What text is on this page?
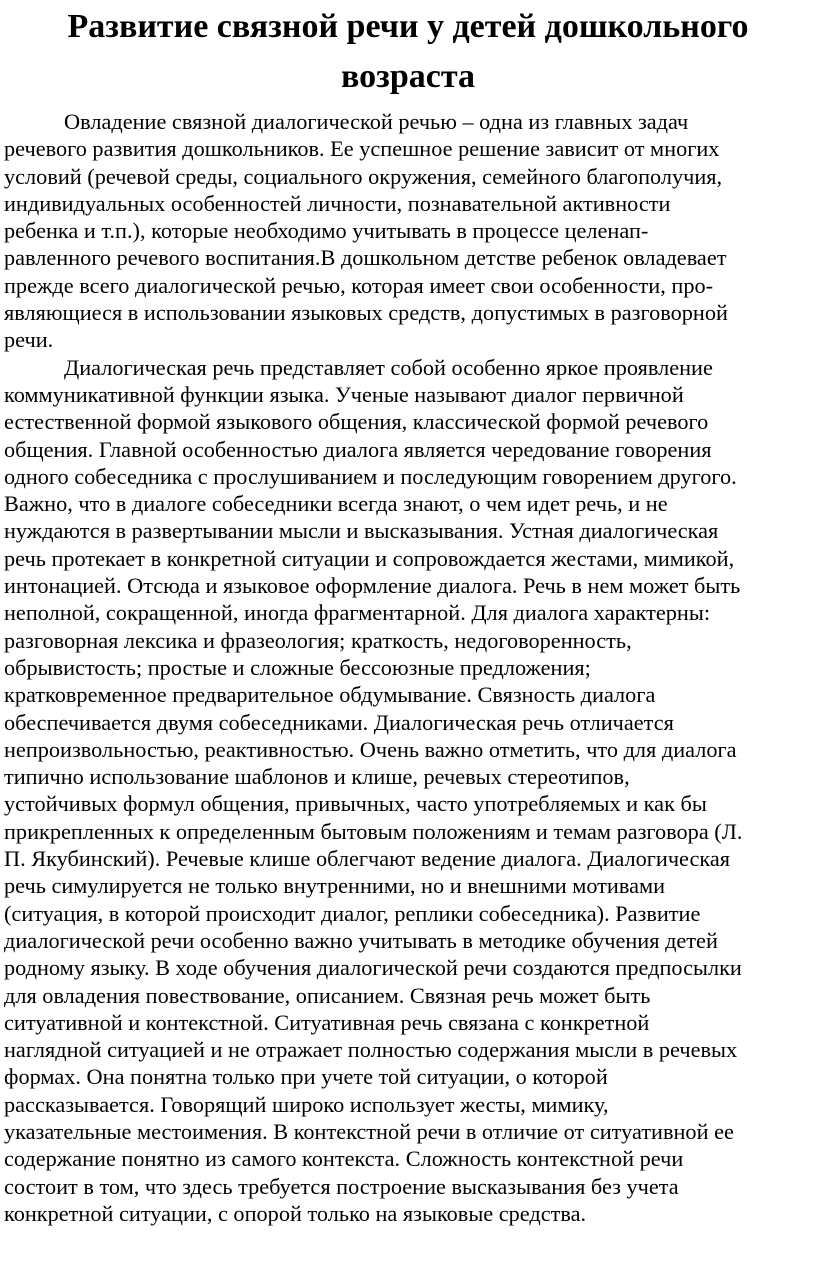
Развитие связной речи у детей дошкольного
возраста
Овладение связной диалогической речью – одна из главных задач
речевого развития дошкольников. Ее успешное решение зависит от многих
условий (речевой среды, социального окружения, семейного благополучия,
индивидуальных особенностей личности, познавательной активности
ребенка и т.п.), которые необходимо учитывать в процессе целенап-
равленного речевого воспитания.В дошкольном детстве ребенок овладевает
прежде всего диалогической речью, которая имеет свои особенности, про-
являющиеся в использовании языковых средств, допустимых в разговорной
речи.
Диалогическая речь представляет собой особенно яркое проявление
коммуникативной функции языка. Ученые называют диалог первичной
естественной формой языкового общения, классической формой речевого
общения. Главной особенностью диалога является чередование говорения
одного собеседника с прослушиванием и последующим говорением другого.
Важно, что в диалоге собеседники всегда знают, о чем идет речь, и не
нуждаются в развертывании мысли и высказывания. Устная диалогическая
речь протекает в конкретной ситуации и сопровождается жестами, мимикой,
интонацией. Отсюда и языковое оформление диалога. Речь в нем может быть
неполной, сокращенной, иногда фрагментарной. Для диалога характерны:
разговорная лексика и фразеология; краткость, недоговоренность,
обрывистость; простые и сложные бессоюзные предложения;
кратковременное предварительное обдумывание. Связность диалога
обеспечивается двумя собеседниками. Диалогическая речь отличается
непроизвольностью, реактивностью. Очень важно отметить, что для диалога
типично использование шаблонов и клише, речевых стереотипов,
устойчивых формул общения, привычных, часто употребляемых и как бы
прикрепленных к определенным бытовым положениям и темам разговора (Л.
П. Якубинский). Речевые клише облегчают ведение диалога. Диалогическая
речь симулируется не только внутренними, но и внешними мотивами
(ситуация, в которой происходит диалог, реплики собеседника). Развитие
диалогической речи особенно важно учитывать в методике обучения детей
родному языку. В ходе обучения диалогической речи создаются предпосылки
для овладения повествование, описанием. Связная речь может быть
ситуативной и контекстной. Ситуативная речь связана с конкретной
наглядной ситуацией и не отражает полностью содержания мысли в речевых
формах. Она понятна только при учете той ситуации, о которой
рассказывается. Говорящий широко использует жесты, мимику,
указательные местоимения. В контекстной речи в отличие от ситуативной ее
содержание понятно из самого контекста. Сложность контекстной речи
состоит в том, что здесь требуется построение высказывания без учета
конкретной ситуации, с опорой только на языковые средства.
